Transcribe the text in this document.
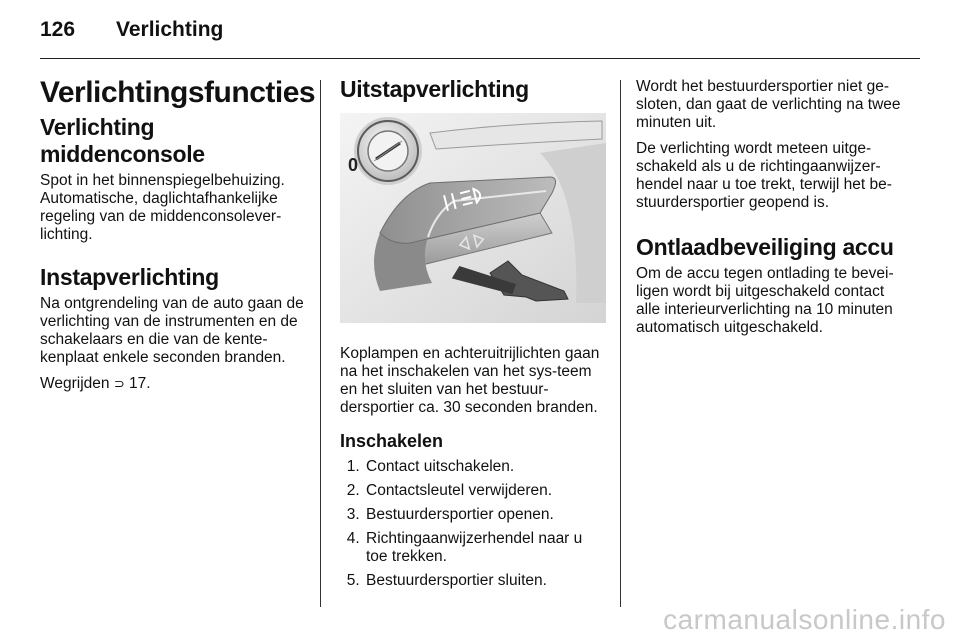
126 Verlichting
Verlichtingsfuncties
Verlichting middenconsole

Spot in het binnenspiegelbehuizing. Automatische, daglichtafhankelijke regeling van de middenconsolever-lichting.

Instapverlichting

Na ontgrendeling van de auto gaan de verlichting van de instrumenten en de schakelaars en die van de kente-kenplaat enkele seconden branden.

Wegrijden ⊃ 17.

Uitstapverlichting
0

Koplampen en achteruitrijlichten gaan na het inschakelen van het sys-teem en het sluiten van het bestuur-dersportier ca. 30 seconden branden.

Inschakelen
1. Contact uitschakelen.
2. Contactsleutel verwijderen.
3. Bestuurdersportier openen.
4. Richtingaanwijzerhendel naar u toe trekken.
5. Bestuurdersportier sluiten.

Wordt het bestuurdersportier niet ge-sloten, dan gaat de verlichting na twee minuten uit.

De verlichting wordt meteen uitge-schakeld als u de richtingaanwijzer-hendel naar u toe trekt, terwijl het be-stuurdersportier geopend is.

Ontlaadbeveiliging accu

Om de accu tegen ontlading te bevei-ligen wordt bij uitgeschakeld contact alle interieurverlichting na 10 minuten automatisch uitgeschakeld.

carmanualsonline.info
